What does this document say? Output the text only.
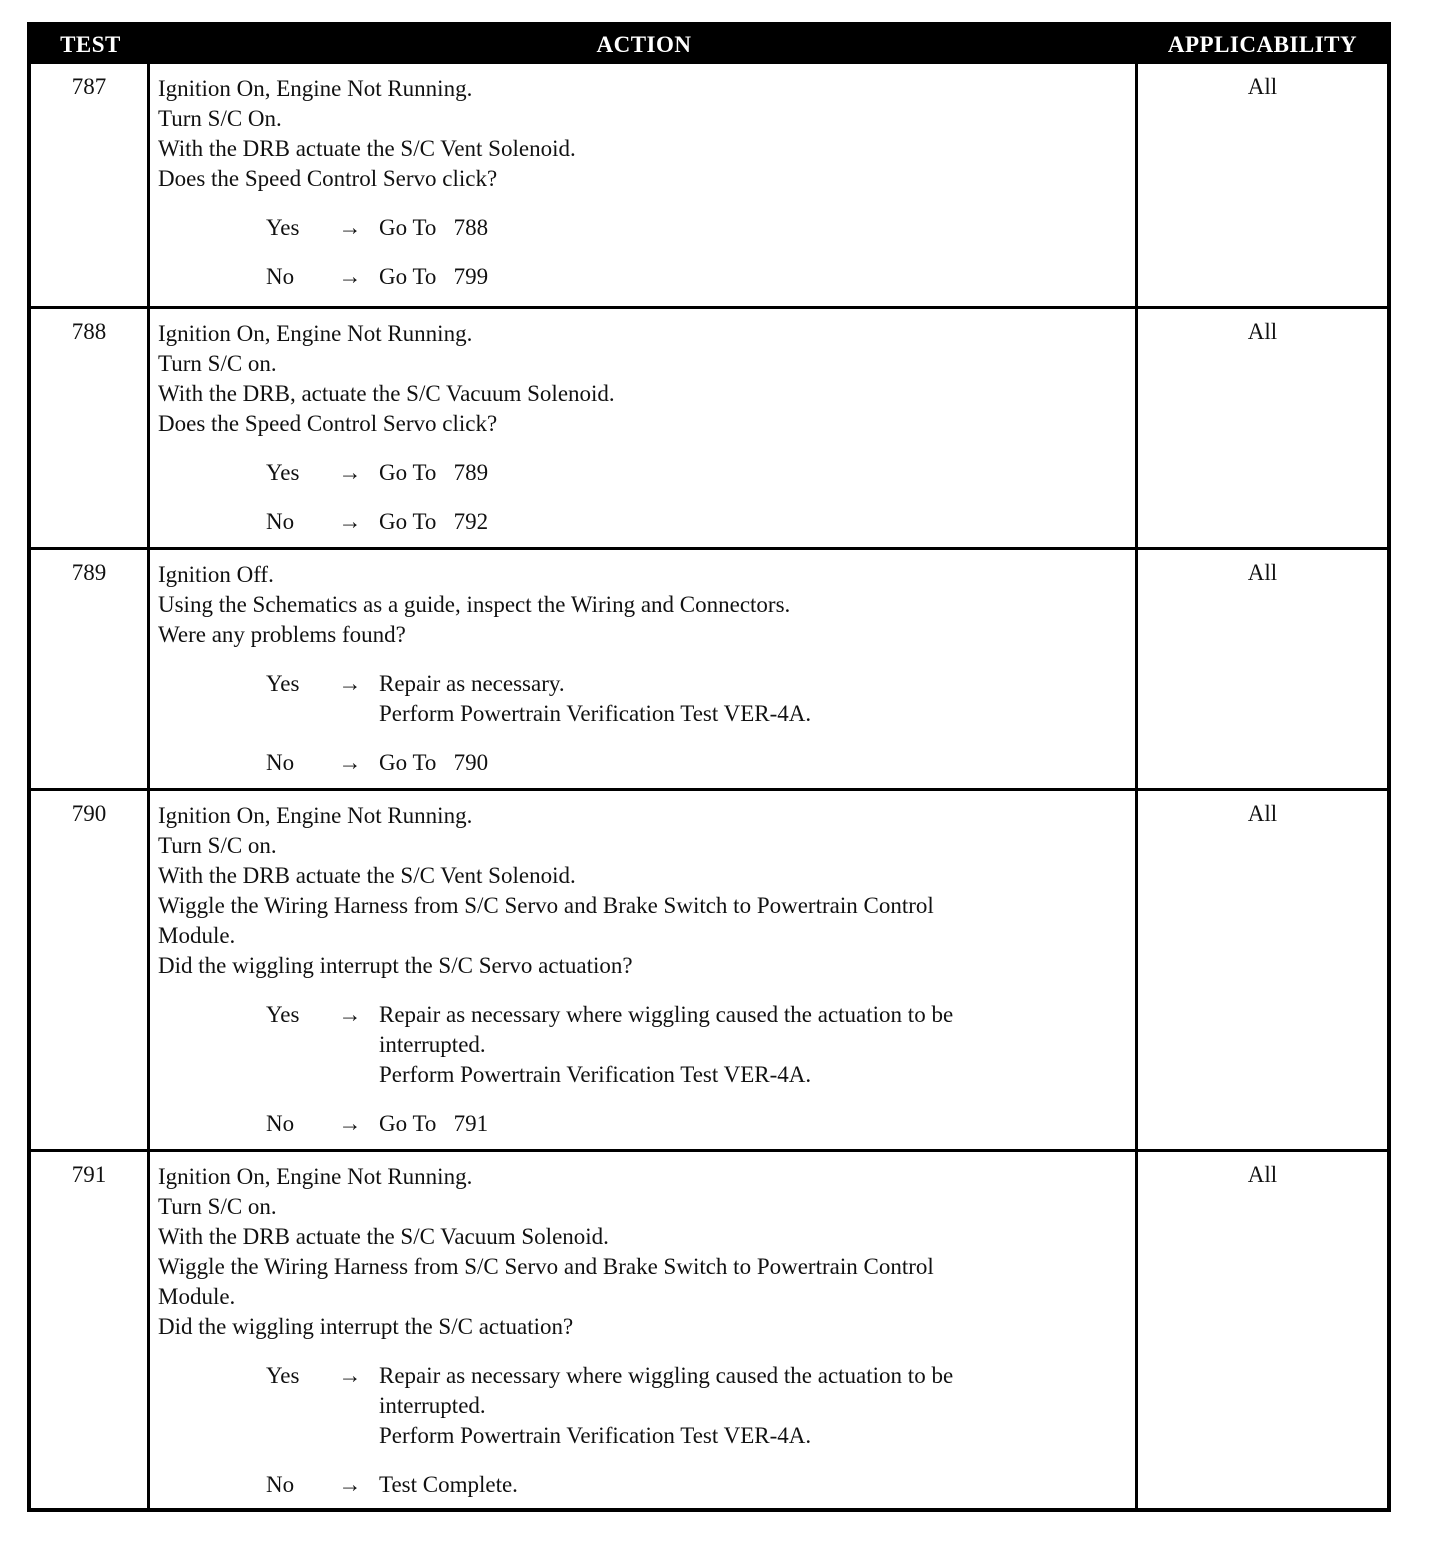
TEST	ACTION	APPLICABILITY
787	Ignition On, Engine Not Running.
Turn S/C On.
With the DRB actuate the S/C Vent Solenoid.
Does the Speed Control Servo click?
Yes	→ Go To   788
No	→ Go To   799
All
788	Ignition On, Engine Not Running.
Turn S/C on.
With the DRB, actuate the S/C Vacuum Solenoid.
Does the Speed Control Servo click?
Yes	→ Go To   789
No	→ Go To   792
All
789	Ignition Off.
Using the Schematics as a guide, inspect the Wiring and Connectors.
Were any problems found?
Yes	→ Repair as necessary.
Perform Powertrain Verification Test VER-4A.
No	→ Go To   790
All
790	Ignition On, Engine Not Running.
Turn S/C on.
With the DRB actuate the S/C Vent Solenoid.
Wiggle the Wiring Harness from S/C Servo and Brake Switch to Powertrain Control
Module.
Did the wiggling interrupt the S/C Servo actuation?
Yes	→ Repair as necessary where wiggling caused the actuation to be
interrupted.
Perform Powertrain Verification Test VER-4A.
No	→ Go To   791
All
791	Ignition On, Engine Not Running.
Turn S/C on.
With the DRB actuate the S/C Vacuum Solenoid.
Wiggle the Wiring Harness from S/C Servo and Brake Switch to Powertrain Control
Module.
Did the wiggling interrupt the S/C actuation?
Yes	→ Repair as necessary where wiggling caused the actuation to be
interrupted.
Perform Powertrain Verification Test VER-4A.
No	→ Test Complete.
All
